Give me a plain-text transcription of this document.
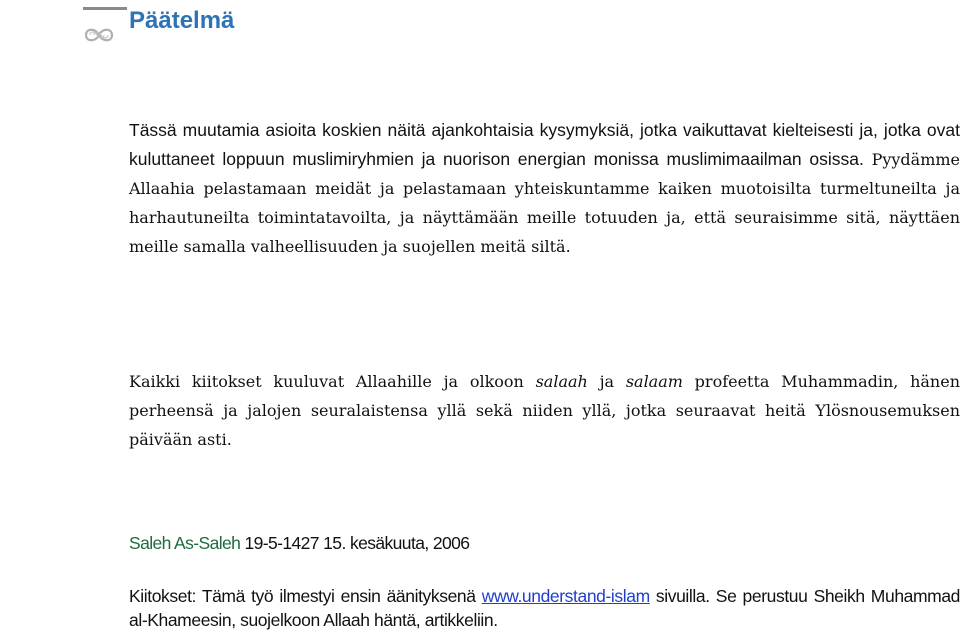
Päätelmä

Tässä muutamia asioita koskien näitä ajankohtaisia kysymyksiä, jotka vaikuttavat kielteisesti ja, jotka ovat kuluttaneet loppuun muslimiryhmien ja nuorison energian monissa muslimimaailman osissa. Pyydämme Allaahia pelastamaan meidät ja pelastamaan yhteiskuntamme kaiken muotoisilta turmeltuneilta ja harhautuneilta toimintatavoilta, ja näyttämään meille totuuden ja, että seuraisimme sitä, näyttäen meille samalla valheellisuuden ja suojellen meitä siltä.

Kaikki kiitokset kuuluvat Allaahille ja olkoon salaah ja salaam profeetta Muhammadin, hänen perheensä ja jalojen seuralaistensa yllä sekä niiden yllä, jotka seuraavat heitä Ylösnousemuksen päivään asti.

Saleh As-Saleh 19-5-1427 15. kesäkuuta, 2006

Kiitokset: Tämä työ ilmestyi ensin äänityksenä www.understand-islam sivuilla. Se perustuu Sheikh Muhammad al-Khameesin, suojelkoon Allaah häntä, artikkeliin.
